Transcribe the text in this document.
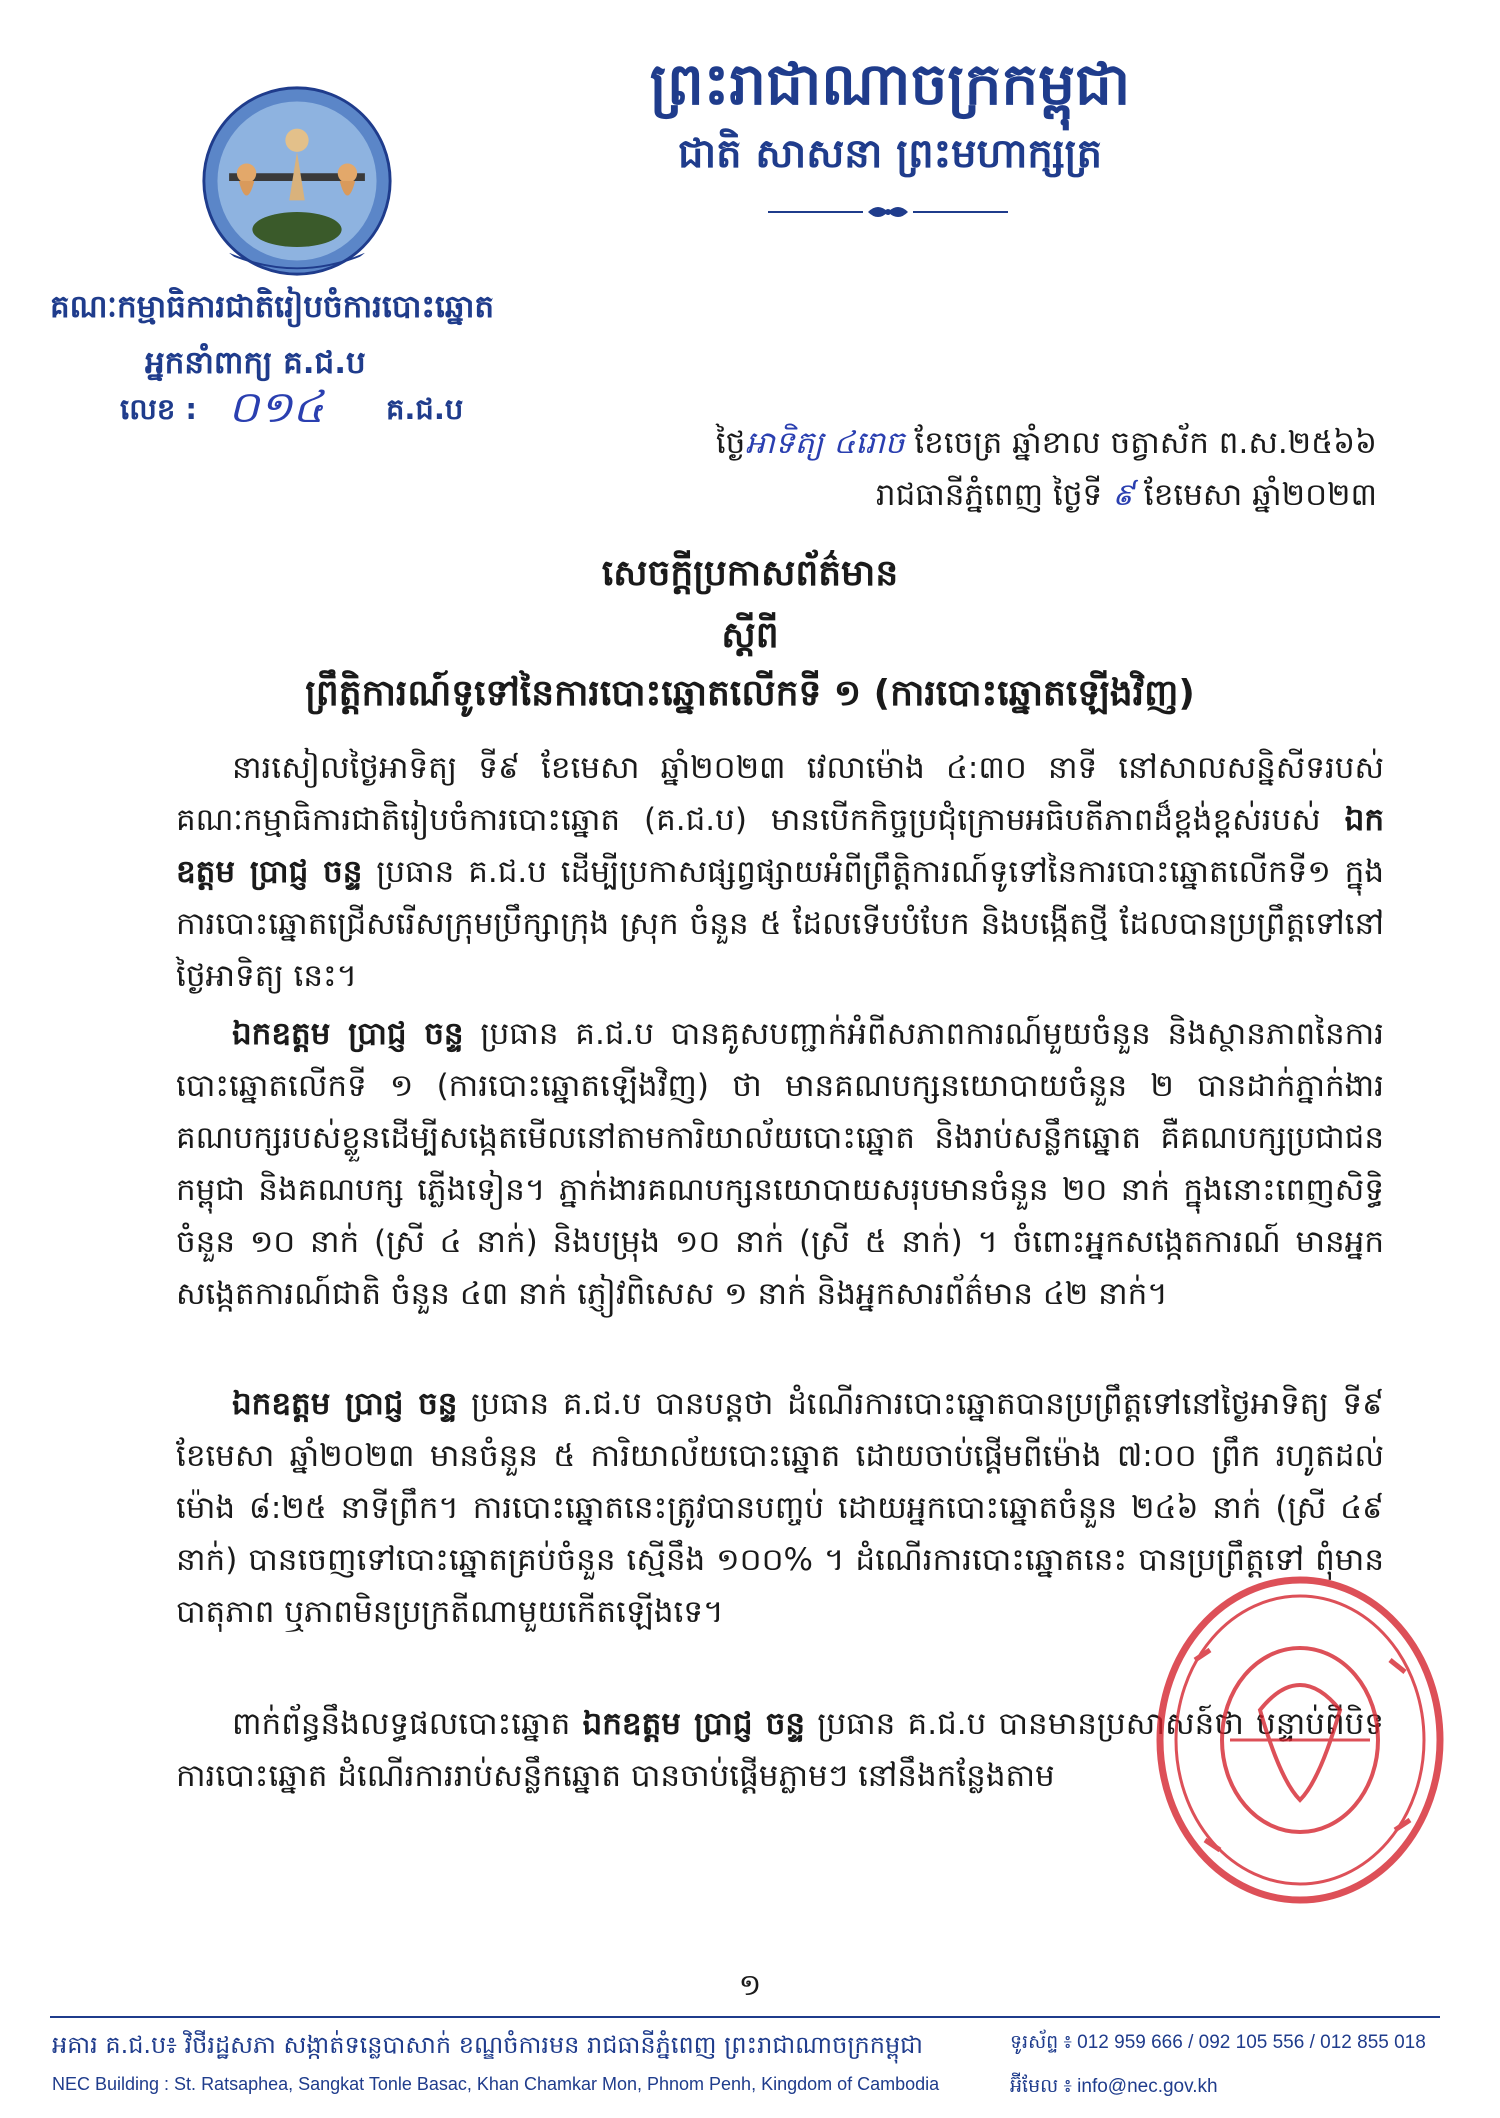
ព្រះរាជាណាចក្រកម្ពុជា
ជាតិ សាសនា ព្រះមហាក្សត្រ
គណៈកម្មាធិការជាតិរៀបចំការបោះឆ្នោត
អ្នកនាំពាក្យ គ.ជ.ប
លេខ : ០១៤ គ.ជ.ប
ថ្ងៃអាទិត្យ ៤រោច ខែចេត្រ ឆ្នាំខាល ចត្វាស័ក ព.ស.២៥៦៦
រាជធានីភ្នំពេញ ថ្ងៃទី ៩ ខែមេសា ឆ្នាំ២០២៣
សេចក្តីប្រកាសព័ត៌មាន
ស្តីពី
ព្រឹត្តិការណ៍ទូទៅនៃការបោះឆ្នោតលើកទី ១ (ការបោះឆ្នោតឡើងវិញ)

នារសៀលថ្ងៃអាទិត្យ ទី៩ ខែមេសា ឆ្នាំ២០២៣ វេលាម៉ោង ៤:៣០ នាទី នៅសាលសន្និសីទរបស់គណៈកម្មាធិការជាតិរៀបចំការបោះឆ្នោត (គ.ជ.ប) មានបើកកិច្ចប្រជុំក្រោមអធិបតីភាពដ៏ខ្ពង់ខ្ពស់របស់ ឯកឧត្តម ប្រាជ្ញ ចន្ទ ប្រធាន គ.ជ.ប ដើម្បីប្រកាសផ្សព្វផ្សាយអំពីព្រឹត្តិការណ៍ទូទៅនៃការបោះឆ្នោតលើកទី១ ក្នុងការបោះឆ្នោតជ្រើសរើសក្រុមប្រឹក្សាក្រុង ស្រុក ចំនួន ៥ ដែលទើបបំបែក និងបង្កើតថ្មី ដែលបានប្រព្រឹត្តទៅនៅថ្ងៃអាទិត្យ នេះ។

ឯកឧត្តម ប្រាជ្ញ ចន្ទ ប្រធាន គ.ជ.ប បានគូសបញ្ជាក់អំពីសភាពការណ៍មួយចំនួន និងស្ថានភាពនៃការបោះឆ្នោតលើកទី ១ (ការបោះឆ្នោតឡើងវិញ) ថា មានគណបក្សនយោបាយចំនួន ២ បានដាក់ភ្នាក់ងារគណបក្សរបស់ខ្លួនដើម្បីសង្កេតមើលនៅតាមការិយាល័យបោះឆ្នោត និងរាប់សន្លឹកឆ្នោត គឺគណបក្សប្រជាជនកម្ពុជា និងគណបក្ស ភ្លើងទៀន។ ភ្នាក់ងារគណបក្សនយោបាយសរុបមានចំនួន ២០ នាក់ ក្នុងនោះពេញសិទ្ធិចំនួន ១០ នាក់ (ស្រី ៤ នាក់) និងបម្រុង ១០ នាក់ (ស្រី ៥ នាក់) ។ ចំពោះអ្នកសង្កេតការណ៍ មានអ្នកសង្កេតការណ៍ជាតិ ចំនួន ៤៣ នាក់ ភ្ញៀវពិសេស ១ នាក់ និងអ្នកសារព័ត៌មាន ៤២ នាក់។

ឯកឧត្តម ប្រាជ្ញ ចន្ទ ប្រធាន គ.ជ.ប បានបន្តថា ដំណើរការបោះឆ្នោតបានប្រព្រឹត្តទៅនៅថ្ងៃអាទិត្យ ទី៩ ខែមេសា ឆ្នាំ២០២៣ មានចំនួន ៥ ការិយាល័យបោះឆ្នោត ដោយចាប់ផ្តើមពីម៉ោង ៧:០០ ព្រឹក រហូតដល់ម៉ោង ៨:២៥ នាទីព្រឹក។ ការបោះឆ្នោតនេះត្រូវបានបញ្ចប់ ដោយអ្នកបោះឆ្នោតចំនួន ២៤៦ នាក់ (ស្រី ៤៩ នាក់) បានចេញទៅបោះឆ្នោតគ្រប់ចំនួន ស្មើនឹង ១០០% ។ ដំណើរការបោះឆ្នោតនេះ បានប្រព្រឹត្តទៅ ពុំមានបាតុភាព ឬភាពមិនប្រក្រតីណាមួយកើតឡើងទេ។

ពាក់ព័ន្ធនឹងលទ្ធផលបោះឆ្នោត ឯកឧត្តម ប្រាជ្ញ ចន្ទ ប្រធាន គ.ជ.ប បានមានប្រសាសន៍ថា បន្ទាប់ពីបិទការបោះឆ្នោត ដំណើរការរាប់សន្លឹកឆ្នោត បានចាប់ផ្តើមភ្លាមៗ នៅនឹងកន្លែងតាម

១
អគារ គ.ជ.ប៖ វិថីរដ្ឋសភា សង្កាត់ទន្លេបាសាក់ ខណ្ឌចំការមន រាជធានីភ្នំពេញ ព្រះរាជាណាចក្រកម្ពុជា
NEC Building : St. Ratsaphea, Sangkat Tonle Basac, Khan Chamkar Mon, Phnom Penh, Kingdom of Cambodia
ទូរស័ព្ទ ៖ 012 959 666 / 092 105 556 / 012 855 018
អ៊ីមែល ៖ info@nec.gov.kh
